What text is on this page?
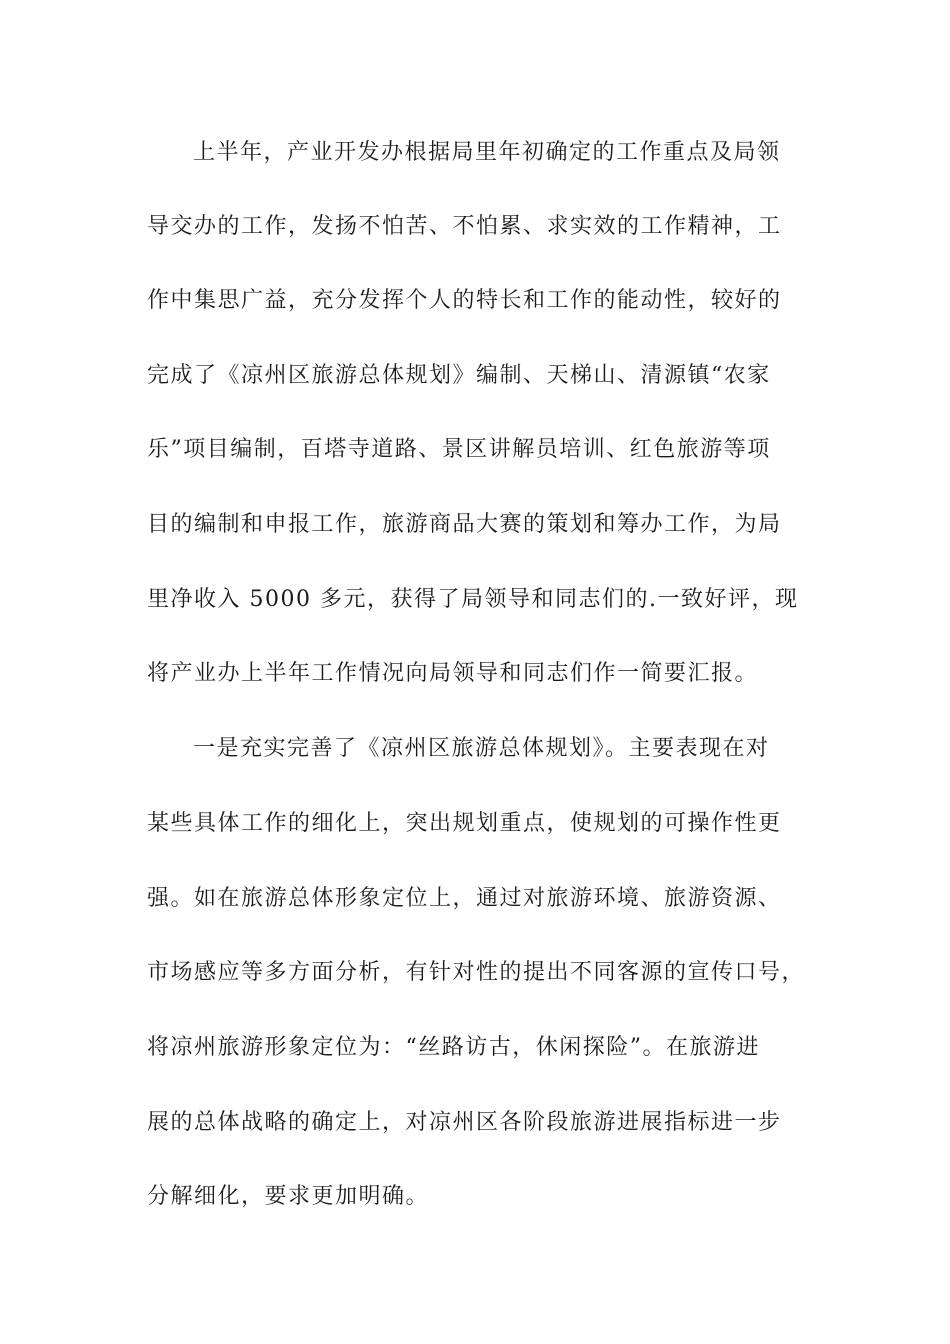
上半年，产业开发办根据局里年初确定的工作重点及局领
导交办的工作，发扬不怕苦、不怕累、求实效的工作精神，工
作中集思广益，充分发挥个人的特长和工作的能动性，较好的
完成了《凉州区旅游总体规划》编制、天梯山、清源镇“农家
乐”项目编制，百塔寺道路、景区讲解员培训、红色旅游等项
目的编制和申报工作，旅游商品大赛的策划和筹办工作，为局
里净收入 5000 多元，获得了局领导和同志们的.一致好评，现
将产业办上半年工作情况向局领导和同志们作一简要汇报。
一是充实完善了《凉州区旅游总体规划》。主要表现在对
某些具体工作的细化上，突出规划重点，使规划的可操作性更
强。如在旅游总体形象定位上，通过对旅游环境、旅游资源、
市场感应等多方面分析，有针对性的提出不同客源的宣传口号，
将凉州旅游形象定位为：“丝路访古，休闲探险”。在旅游进
展的总体战略的确定上，对凉州区各阶段旅游进展指标进一步
分解细化，要求更加明确。
